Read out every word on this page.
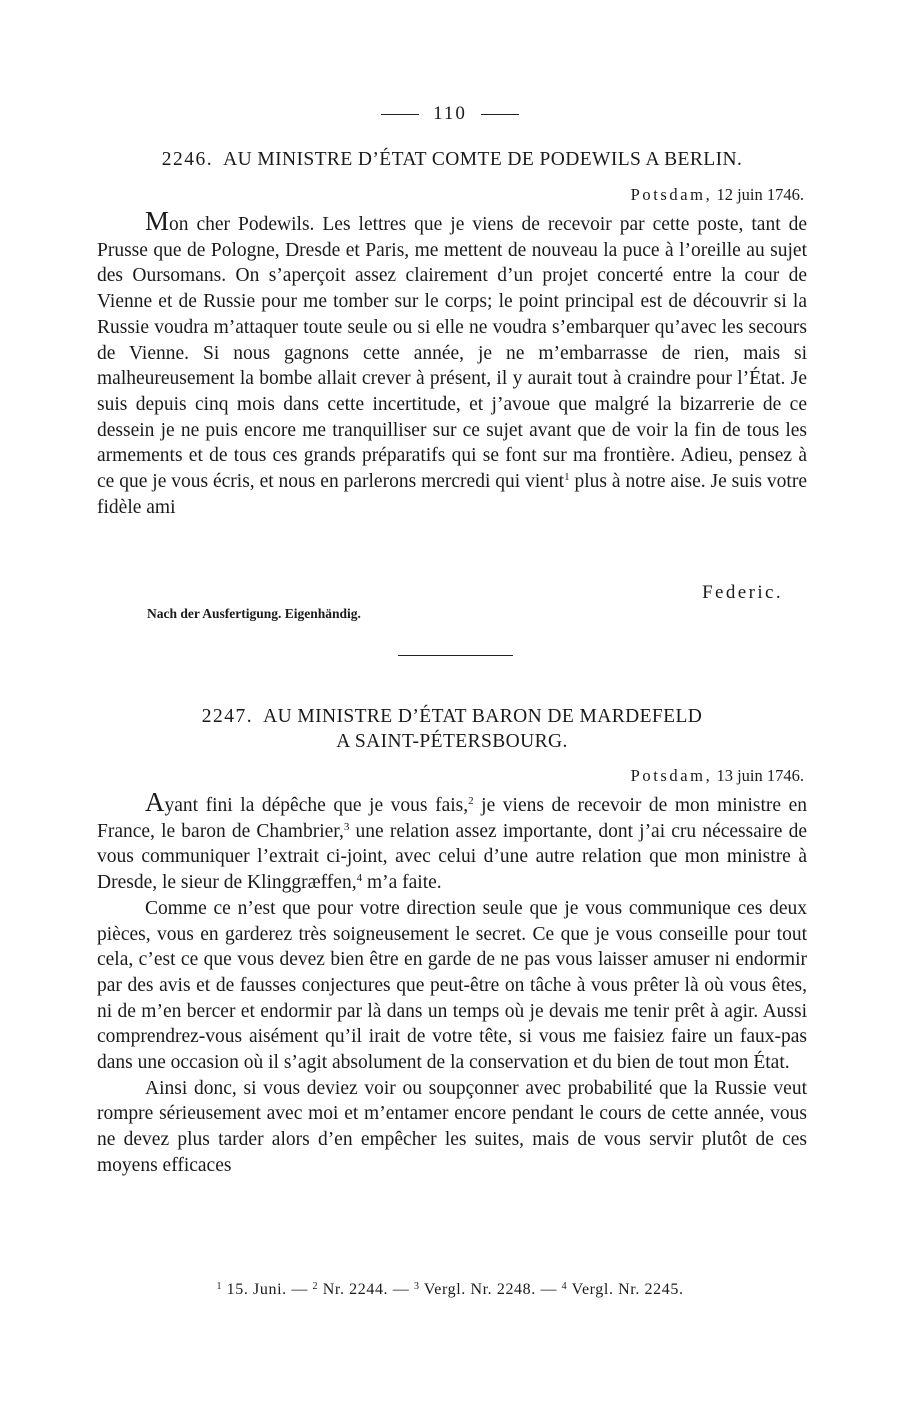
110
2246. AU MINISTRE D’ÉTAT COMTE DE PODEWILS A BERLIN.
Potsdam, 12 juin 1746.

Mon cher Podewils. Les lettres que je viens de recevoir par cette poste, tant de Prusse que de Pologne, Dresde et Paris, me mettent de nouveau la puce à l’oreille au sujet des Oursomans. On s’aperçoit assez clairement d’un projet concerté entre la cour de Vienne et de Russie pour me tomber sur le corps; le point principal est de découvrir si la Russie voudra m’attaquer toute seule ou si elle ne voudra s’embarquer qu’avec les secours de Vienne. Si nous gagnons cette année, je ne m’embarrasse de rien, mais si malheureusement la bombe allait crever à présent, il y aurait tout à craindre pour l’État. Je suis depuis cinq mois dans cette incertitude, et j’avoue que malgré la bizarrerie de ce dessein je ne puis encore me tranquilliser sur ce sujet avant que de voir la fin de tous les armements et de tous ces grands préparatifs qui se font sur ma frontière. Adieu, pensez à ce que je vous écris, et nous en parlerons mercredi qui vient$^1$ plus à notre aise. Je suis votre fidèle ami

Federic.
Nach der Ausfertigung. Eigenhändig.
2247. AU MINISTRE D’ÉTAT BARON DE MARDEFELD
A SAINT-PÉTERSBOURG.
Potsdam, 13 juin 1746.

Ayant fini la dépêche que je vous fais,$^2$ je viens de recevoir de mon ministre en France, le baron de Chambrier,$^3$ une relation assez importante, dont j’ai cru nécessaire de vous communiquer l’extrait ci-joint, avec celui d’une autre relation que mon ministre à Dresde, le sieur de Klinggræffen,$^4$ m’a faite.

Comme ce n’est que pour votre direction seule que je vous communique ces deux pièces, vous en garderez très soigneusement le secret. Ce que je vous conseille pour tout cela, c’est ce que vous devez bien être en garde de ne pas vous laisser amuser ni endormir par des avis et de fausses conjectures que peut-être on tâche à vous prêter là où vous êtes, ni de m’en bercer et endormir par là dans un temps où je devais me tenir prêt à agir. Aussi comprendrez-vous aisément qu’il irait de votre tête, si vous me faisiez faire un faux-pas dans une occasion où il s’agit absolument de la conservation et du bien de tout mon État.

Ainsi donc, si vous deviez voir ou soupçonner avec probabilité que la Russie veut rompre sérieusement avec moi et m’entamer encore pendant le cours de cette année, vous ne devez plus tarder alors d’en empêcher les suites, mais de vous servir plutôt de ces moyens efficaces

$^1$ 15. Juni. — $^2$ Nr. 2244. — $^3$ Vergl. Nr. 2248. — $^4$ Vergl. Nr. 2245.
